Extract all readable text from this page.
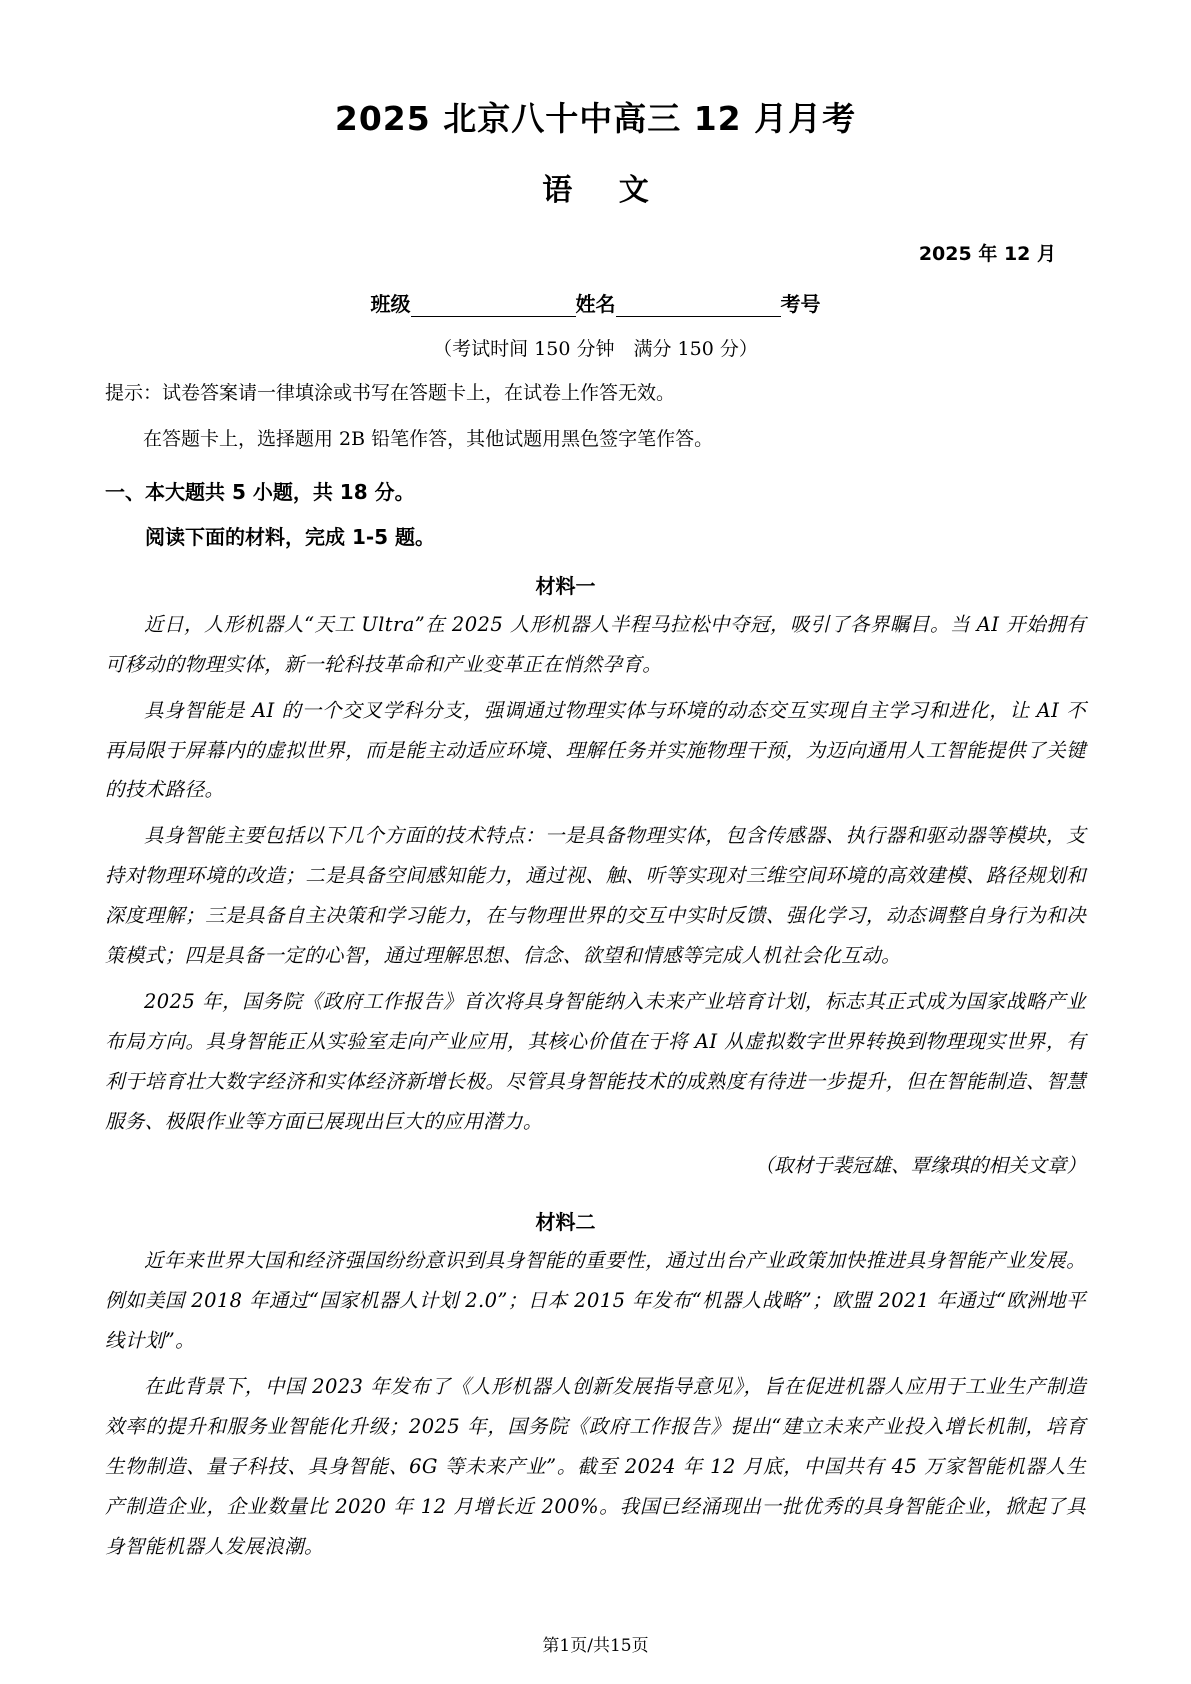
2025 北京八十中高三 12 月月考
语 文
2025 年 12 月
班级	姓名	考号
（考试时间 150 分钟　满分 150 分）

提示：试卷答案请一律填涂或书写在答题卡上，在试卷上作答无效。

在答题卡上，选择题用 2B 铅笔作答，其他试题用黑色签字笔作答。

一、本大题共 5 小题，共 18 分。

阅读下面的材料，完成 1-5 题。

材料一

近日，人形机器人“天工 Ultra”在 2025 人形机器人半程马拉松中夺冠，吸引了各界瞩目。当 AI 开始拥有可移动的物理实体，新一轮科技革命和产业变革正在悄然孕育。

具身智能是 AI 的一个交叉学科分支，强调通过物理实体与环境的动态交互实现自主学习和进化，让 AI 不再局限于屏幕内的虚拟世界，而是能主动适应环境、理解任务并实施物理干预，为迈向通用人工智能提供了关键的技术路径。

具身智能主要包括以下几个方面的技术特点：一是具备物理实体，包含传感器、执行器和驱动器等模块，支持对物理环境的改造；二是具备空间感知能力，通过视、触、听等实现对三维空间环境的高效建模、路径规划和深度理解；三是具备自主决策和学习能力，在与物理世界的交互中实时反馈、强化学习，动态调整自身行为和决策模式；四是具备一定的心智，通过理解思想、信念、欲望和情感等完成人机社会化互动。

2025 年，国务院《政府工作报告》首次将具身智能纳入未来产业培育计划，标志其正式成为国家战略产业布局方向。具身智能正从实验室走向产业应用，其核心价值在于将 AI 从虚拟数字世界转换到物理现实世界，有利于培育壮大数字经济和实体经济新增长极。尽管具身智能技术的成熟度有待进一步提升，但在智能制造、智慧服务、极限作业等方面已展现出巨大的应用潜力。

（取材于裴冠雄、覃缘琪的相关文章）

材料二

近年来世界大国和经济强国纷纷意识到具身智能的重要性，通过出台产业政策加快推进具身智能产业发展。例如美国 2018 年通过“国家机器人计划 2.0”；日本 2015 年发布“机器人战略”；欧盟 2021 年通过“欧洲地平线计划”。

在此背景下，中国 2023 年发布了《人形机器人创新发展指导意见》，旨在促进机器人应用于工业生产制造效率的提升和服务业智能化升级；2025 年，国务院《政府工作报告》提出“建立未来产业投入增长机制，培育生物制造、量子科技、具身智能、6G 等未来产业”。截至 2024 年 12 月底，中国共有 45 万家智能机器人生产制造企业，企业数量比 2020 年 12 月增长近 200%。我国已经涌现出一批优秀的具身智能企业，掀起了具身智能机器人发展浪潮。

第1页/共15页
